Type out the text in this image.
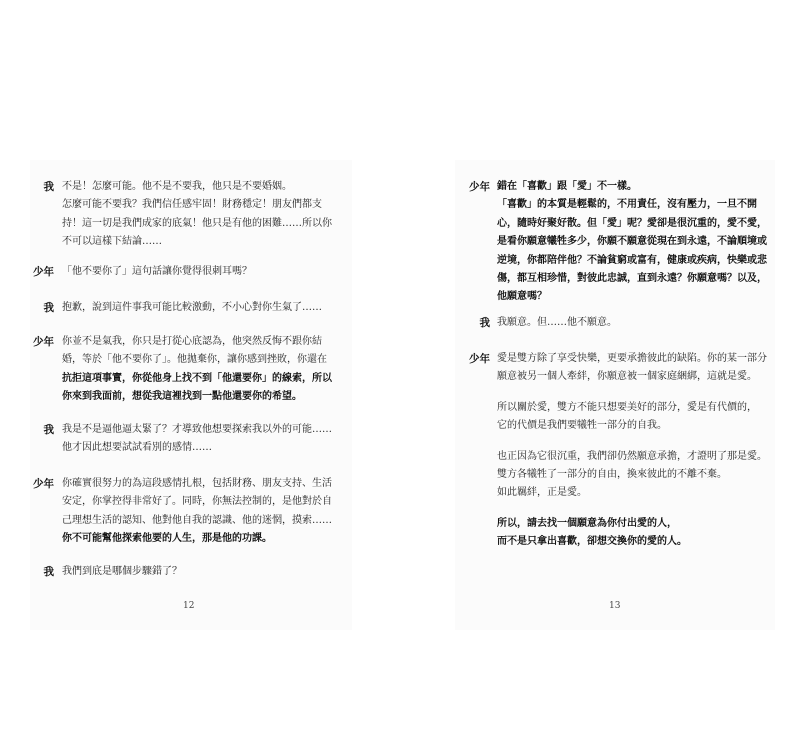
我 不是！怎麼可能。他不是不要我，他只是不要婚姻。
怎麼可能不要我？我們信任感牢固！財務穩定！朋友們都支
持！這一切是我們成家的底氣！他只是有他的困難……所以你
不可以這樣下結論……
少年 「他不要你了」這句話讓你覺得很刺耳嗎？
我 抱歉，說到這件事我可能比較激動，不小心對你生氣了……
少年 你並不是氣我，你只是打從心底認為，他突然反悔不跟你結
婚，等於「他不要你了」。他拋棄你，讓你感到挫敗，你還在
抗拒這項事實，你從他身上找不到「他還要你」的線索，所以
你來到我面前，想從我這裡找到一點他還要你的希望。
我 我是不是逼他逼太緊了？才導致他想要探索我以外的可能……
他才因此想要試試看別的感情……
少年 你確實很努力的為這段感情扎根，包括財務、朋友支持、生活
安定，你掌控得非常好了。同時，你無法控制的，是他對於自
己理想生活的認知、他對他自我的認識、他的迷惘，摸索……
你不可能幫他探索他要的人生，那是他的功課。
我 我們到底是哪個步驟錯了？
少年 錯在「喜歡」跟「愛」不一樣。
「喜歡」的本質是輕鬆的，不用責任，沒有壓力，一旦不開
心，隨時好聚好散。但「愛」呢？愛卻是很沉重的，愛不愛，
是看你願意犧牲多少，你願不願意從現在到永遠，不論順境或
逆境，你都陪伴他？不論貧窮或富有，健康或疾病，快樂或悲
傷，都互相珍惜，對彼此忠誠，直到永遠？你願意嗎？以及，
他願意嗎？
我 我願意。但……他不願意。
少年 愛是雙方除了享受快樂，更要承擔彼此的缺陷。你的某一部分
願意被另一個人牽絆，你願意被一個家庭綑綁，這就是愛。
所以關於愛，雙方不能只想要美好的部分，愛是有代價的，
它的代價是我們要犧牲一部分的自我。
也正因為它很沉重，我們卻仍然願意承擔，才證明了那是愛。
雙方各犧牲了一部分的自由，換來彼此的不離不棄。
如此羈絆，正是愛。
所以，請去找一個願意為你付出愛的人，
而不是只拿出喜歡，卻想交換你的愛的人。
12	13
